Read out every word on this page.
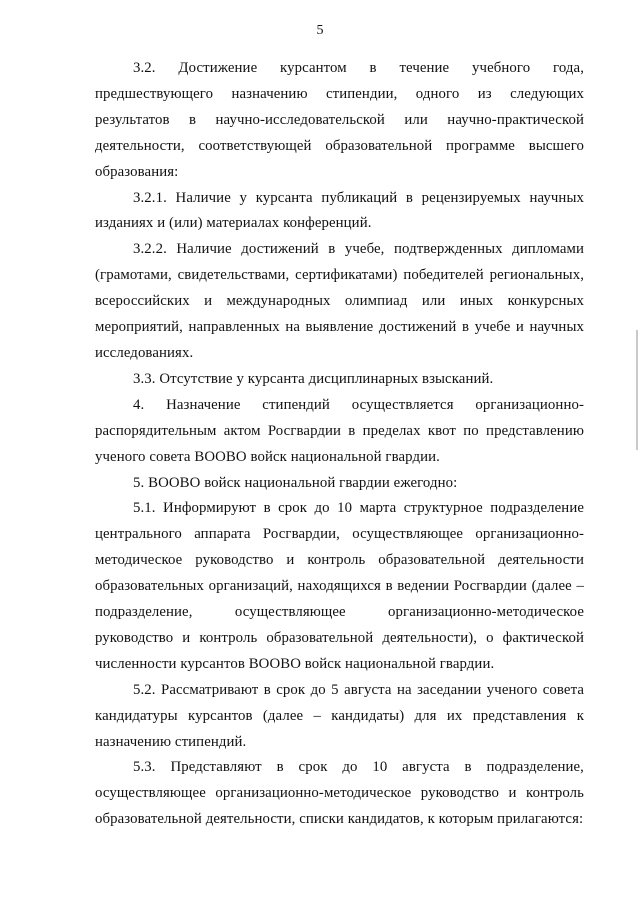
5

3.2. Достижение курсантом в течение учебного года, предшествующего назначению стипендии, одного из следующих результатов в научно-исследовательской или научно-практической деятельности, соответствующей образовательной программе высшего образования:

3.2.1. Наличие у курсанта публикаций в рецензируемых научных изданиях и (или) материалах конференций.

3.2.2. Наличие достижений в учебе, подтвержденных дипломами (грамотами, свидетельствами, сертификатами) победителей региональных, всероссийских и международных олимпиад или иных конкурсных мероприятий, направленных на выявление достижений в учебе и научных исследованиях.

3.3. Отсутствие у курсанта дисциплинарных взысканий.

4. Назначение стипендий осуществляется организационно-распорядительным актом Росгвардии в пределах квот по представлению ученого совета ВООВО войск национальной гвардии.

5. ВООВО войск национальной гвардии ежегодно:

5.1. Информируют в срок до 10 марта структурное подразделение центрального аппарата Росгвардии, осуществляющее организационно-методическое руководство и контроль образовательной деятельности образовательных организаций, находящихся в ведении Росгвардии (далее – подразделение, осуществляющее организационно-методическое руководство и контроль образовательной деятельности), о фактической численности курсантов ВООВО войск национальной гвардии.

5.2. Рассматривают в срок до 5 августа на заседании ученого совета кандидатуры курсантов (далее – кандидаты) для их представления к назначению стипендий.

5.3. Представляют в срок до 10 августа в подразделение, осуществляющее организационно-методическое руководство и контроль образовательной деятельности, списки кандидатов, к которым прилагаются:
